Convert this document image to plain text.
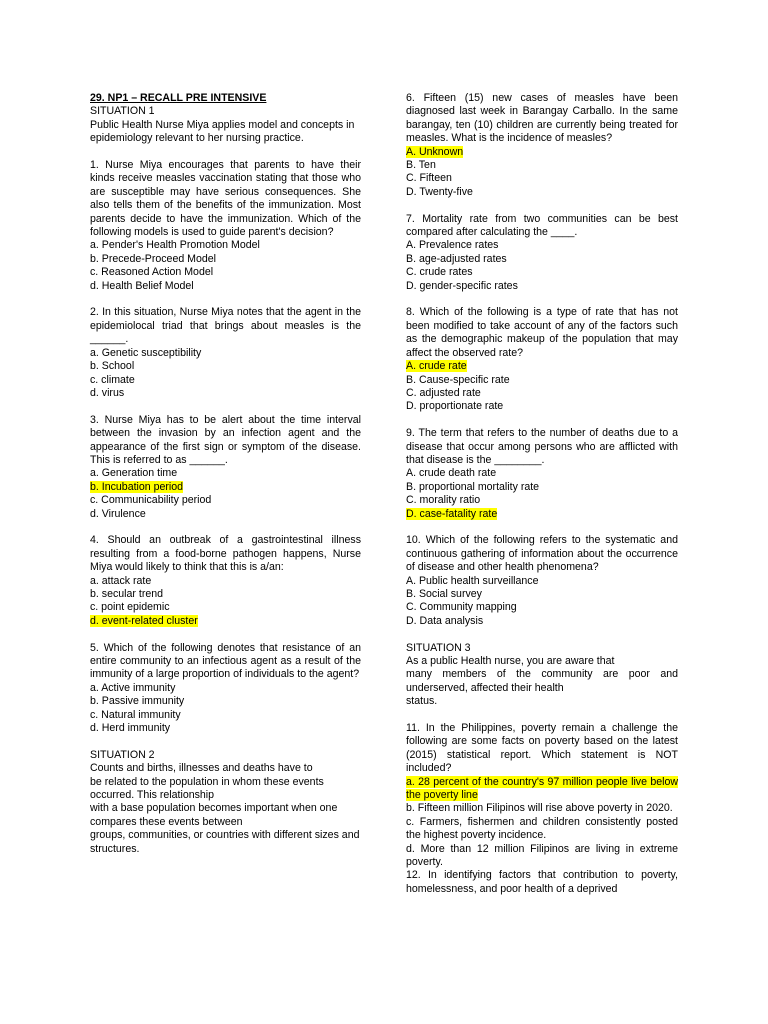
29. NP1 – RECALL PRE INTENSIVE

SITUATION 1

Public Health Nurse Miya applies model and concepts in
epidemiology relevant to her nursing practice.

1. Nurse Miya encourages that parents to have their kinds receive measles vaccination stating that those who are susceptible may have serious consequences. She also tells them of the benefits of the immunization. Most parents decide to have the immunization. Which of the following models is used to guide parent's decision?

a. Pender's Health Promotion Model

b. Precede-Proceed Model

c. Reasoned Action Model

d. Health Belief Model

2. In this situation, Nurse Miya notes that the agent in the epidemiolocal triad that brings about measles is the ______.

a. Genetic susceptibility

b. School

c. climate

d. virus

3. Nurse Miya has to be alert about the time interval between the invasion by an infection agent and the appearance of the first sign or symptom of the disease. This is referred to as ______.

a. Generation time

b. Incubation period

c. Communicability period

d. Virulence

4. Should an outbreak of a gastrointestinal illness resulting from a food-borne pathogen happens, Nurse Miya would likely to think that this is a/an:

a. attack rate

b. secular trend

c. point epidemic

d. event-related cluster

5. Which of the following denotes that resistance of an entire community to an infectious agent as a result of the immunity of a large proportion of individuals to the agent?

a. Active immunity

b. Passive immunity

c. Natural immunity

d. Herd immunity

SITUATION 2

Counts and births, illnesses and deaths have to

be related to the population in whom these events occurred. This relationship

with a base population becomes important when one compares these events between

groups, communities, or countries with different sizes and structures.

6. Fifteen (15) new cases of measles have been diagnosed last week in Barangay Carballo. In the same barangay, ten (10) children are currently being treated for measles. What is the incidence of measles?

A. Unknown

B. Ten

C. Fifteen

D. Twenty-five

7. Mortality rate from two communities can be best compared after calculating the ____.

A. Prevalence rates

B. age-adjusted rates

C. crude rates

D. gender-specific rates

8. Which of the following is a type of rate that has not been modified to take account of any of the factors such as the demographic makeup of the population that may affect the observed rate?

A. crude rate

B. Cause-specific rate

C. adjusted rate

D. proportionate rate

9. The term that refers to the number of deaths due to a disease that occur among persons who are afflicted with that disease is the ________.

A. crude death rate

B. proportional mortality rate

C. morality ratio

D. case-fatality rate

10. Which of the following refers to the systematic and continuous gathering of information about the occurrence of disease and other health phenomena?

A. Public health surveillance

B. Social survey

C. Community mapping

D. Data analysis

SITUATION 3

As a public Health nurse, you are aware that

many members of the community are poor and underserved, affected their health

status.

11. In the Philippines, poverty remain a challenge the following are some facts on poverty based on the latest (2015) statistical report. Which statement is NOT included?

a. 28 percent of the country's 97 million people live below the poverty line

b. Fifteen million Filipinos will rise above poverty in 2020.

c. Farmers, fishermen and children consistently posted the highest poverty incidence.

d. More than 12 million Filipinos are living in extreme poverty.

12. In identifying factors that contribution to poverty, homelessness, and poor health of a deprived
